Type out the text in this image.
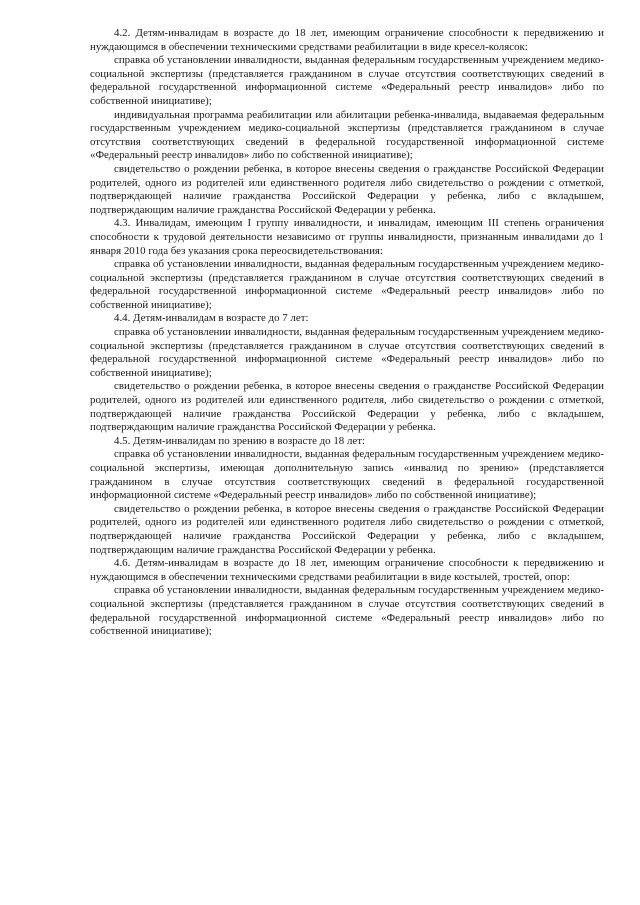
4.2. Детям-инвалидам в возрасте до 18 лет, имеющим ограничение способности к передвижению и нуждающимся в обеспечении техническими средствами реабилитации в виде кресел-колясок:

справка об установлении инвалидности, выданная федеральным государственным учреждением медико-социальной экспертизы (представляется гражданином в случае отсутствия соответствующих сведений в федеральной государственной информационной системе «Федеральный реестр инвалидов» либо по собственной инициативе);

индивидуальная программа реабилитации или абилитации ребенка-инвалида, выдаваемая федеральным государственным учреждением медико-социальной экспертизы (представляется гражданином в случае отсутствия соответствующих сведений в федеральной государственной информационной системе «Федеральный реестр инвалидов» либо по собственной инициативе);

свидетельство о рождении ребенка, в которое внесены сведения о гражданстве Российской Федерации родителей, одного из родителей или единственного родителя либо свидетельство о рождении с отметкой, подтверждающей наличие гражданства Российской Федерации у ребенка, либо с вкладышем, подтверждающим наличие гражданства Российской Федерации у ребенка.

4.3. Инвалидам, имеющим I группу инвалидности, и инвалидам, имеющим III степень ограничения способности к трудовой деятельности независимо от группы инвалидности, признанным инвалидами до 1 января 2010 года без указания срока переосвидетельствования:

справка об установлении инвалидности, выданная федеральным государственным учреждением медико-социальной экспертизы (представляется гражданином в случае отсутствия соответствующих сведений в федеральной государственной информационной системе «Федеральный реестр инвалидов» либо по собственной инициативе);

4.4. Детям-инвалидам в возрасте до 7 лет:

справка об установлении инвалидности, выданная федеральным государственным учреждением медико-социальной экспертизы (представляется гражданином в случае отсутствия соответствующих сведений в федеральной государственной информационной системе «Федеральный реестр инвалидов» либо по собственной инициативе);

свидетельство о рождении ребенка, в которое внесены сведения о гражданстве Российской Федерации родителей, одного из родителей или единственного родителя, либо свидетельство о рождении с отметкой, подтверждающей наличие гражданства Российской Федерации у ребенка, либо с вкладышем, подтверждающим наличие гражданства Российской Федерации у ребенка.

4.5. Детям-инвалидам по зрению в возрасте до 18 лет:

справка об установлении инвалидности, выданная федеральным государственным учреждением медико-социальной экспертизы, имеющая дополнительную запись «инвалид по зрению» (представляется гражданином в случае отсутствия соответствующих сведений в федеральной государственной информационной системе «Федеральный реестр инвалидов» либо по собственной инициативе);

свидетельство о рождении ребенка, в которое внесены сведения о гражданстве Российской Федерации родителей, одного из родителей или единственного родителя либо свидетельство о рождении с отметкой, подтверждающей наличие гражданства Российской Федерации у ребенка, либо с вкладышем, подтверждающим наличие гражданства Российской Федерации у ребенка.

4.6. Детям-инвалидам в возрасте до 18 лет, имеющим ограничение способности к передвижению и нуждающимся в обеспечении техническими средствами реабилитации в виде костылей, тростей, опор:

справка об установлении инвалидности, выданная федеральным государственным учреждением медико-социальной экспертизы (представляется гражданином в случае отсутствия соответствующих сведений в федеральной государственной информационной системе «Федеральный реестр инвалидов» либо по собственной инициативе);
